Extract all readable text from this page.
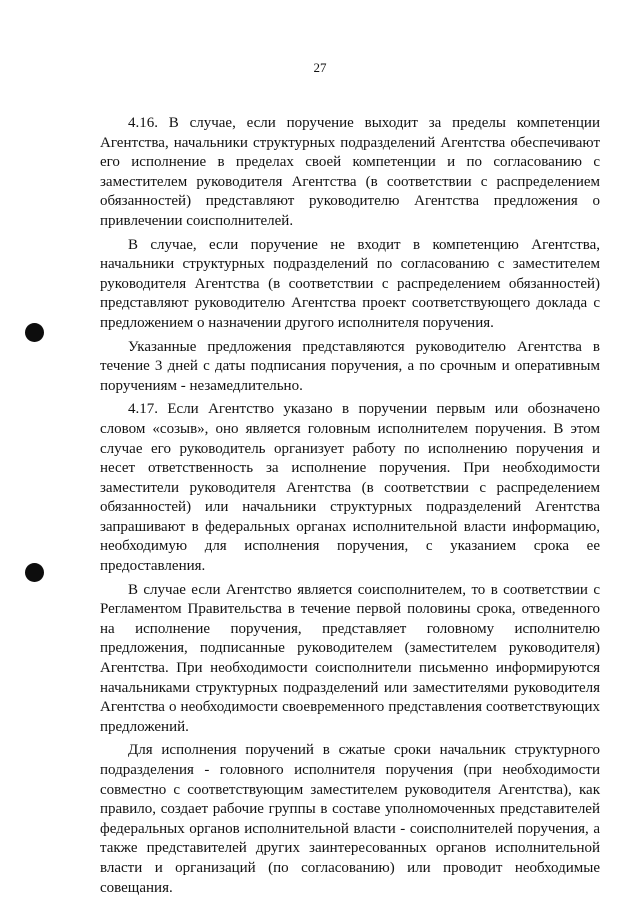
27

4.16. В случае, если поручение выходит за пределы компетенции Агентства, начальники структурных подразделений Агентства обеспечивают его исполнение в пределах своей компетенции и по согласованию с заместителем руководителя Агентства (в соответствии с распределением обязанностей) представляют руководителю Агентства предложения о привлечении соисполнителей.

В случае, если поручение не входит в компетенцию Агентства, начальники структурных подразделений по согласованию с заместителем руководителя Агентства (в соответствии с распределением обязанностей) представляют руководителю Агентства проект соответствующего доклада с предложением о назначении другого исполнителя поручения.

Указанные предложения представляются руководителю Агентства в течение 3 дней с даты подписания поручения, а по срочным и оперативным поручениям - незамедлительно.

4.17. Если Агентство указано в поручении первым или обозначено словом «созыв», оно является головным исполнителем поручения. В этом случае его руководитель организует работу по исполнению поручения и несет ответственность за исполнение поручения. При необходимости заместители руководителя Агентства (в соответствии с распределением обязанностей) или начальники структурных подразделений Агентства запрашивают в федеральных органах исполнительной власти информацию, необходимую для исполнения поручения, с указанием срока ее предоставления.

В случае если Агентство является соисполнителем, то в соответствии с Регламентом Правительства в течение первой половины срока, отведенного на исполнение поручения, представляет головному исполнителю предложения, подписанные руководителем (заместителем руководителя) Агентства. При необходимости соисполнители письменно информируются начальниками структурных подразделений или заместителями руководителя Агентства о необходимости своевременного представления соответствующих предложений.

Для исполнения поручений в сжатые сроки начальник структурного подразделения - головного исполнителя поручения (при необходимости совместно с соответствующим заместителем руководителя Агентства), как правило, создает рабочие группы в составе уполномоченных представителей федеральных органов исполнительной власти - соисполнителей поручения, а также представителей других заинтересованных органов исполнительной власти и организаций (по согласованию) или проводит необходимые совещания.
